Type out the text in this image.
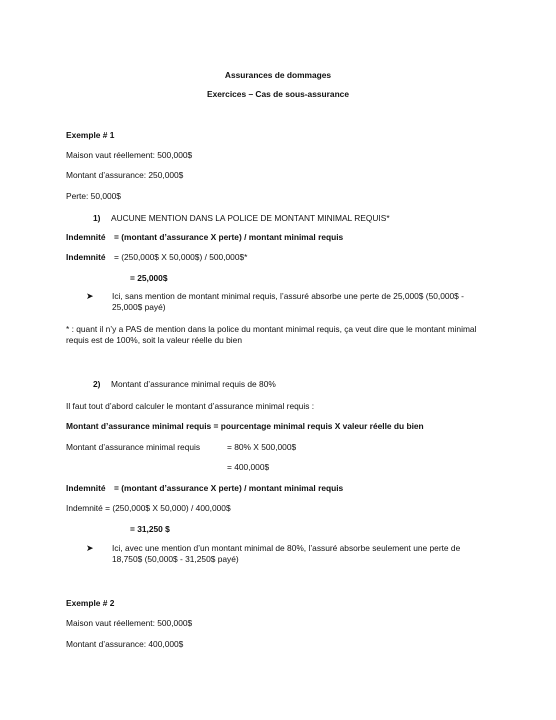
Assurances de dommages
Exercices – Cas de sous-assurance
Exemple # 1
Maison vaut réellement: 500,000$
Montant d’assurance: 250,000$
Perte: 50,000$
1) AUCUNE MENTION DANS LA POLICE DE MONTANT MINIMAL REQUIS*
Indemnité = (montant d’assurance X perte) / montant minimal requis
Indemnité = (250,000$ X 50,000$) / 500,000$*
= 25,000$
➤ Ici, sans mention de montant minimal requis, l’assuré absorbe une perte de 25,000$ (50,000$ - 25,000$ payé)
* : quant il n’y a PAS de mention dans la police du montant minimal requis, ça veut dire que le montant minimal requis est de 100%, soit la valeur réelle du bien
2) Montant d’assurance minimal requis de 80%
Il faut tout d’abord calculer le montant d’assurance minimal requis :
Montant d’assurance minimal requis = pourcentage minimal requis X valeur réelle du bien
Montant d’assurance minimal requis	= 80% X 500,000$
= 400,000$
Indemnité = (montant d’assurance X perte) / montant minimal requis
Indemnité = (250,000$ X 50,000) / 400,000$
= 31,250 $
➤ Ici, avec une mention d’un montant minimal de 80%, l’assuré absorbe seulement une perte de 18,750$ (50,000$ - 31,250$ payé)
Exemple # 2
Maison vaut réellement: 500,000$
Montant d’assurance: 400,000$
